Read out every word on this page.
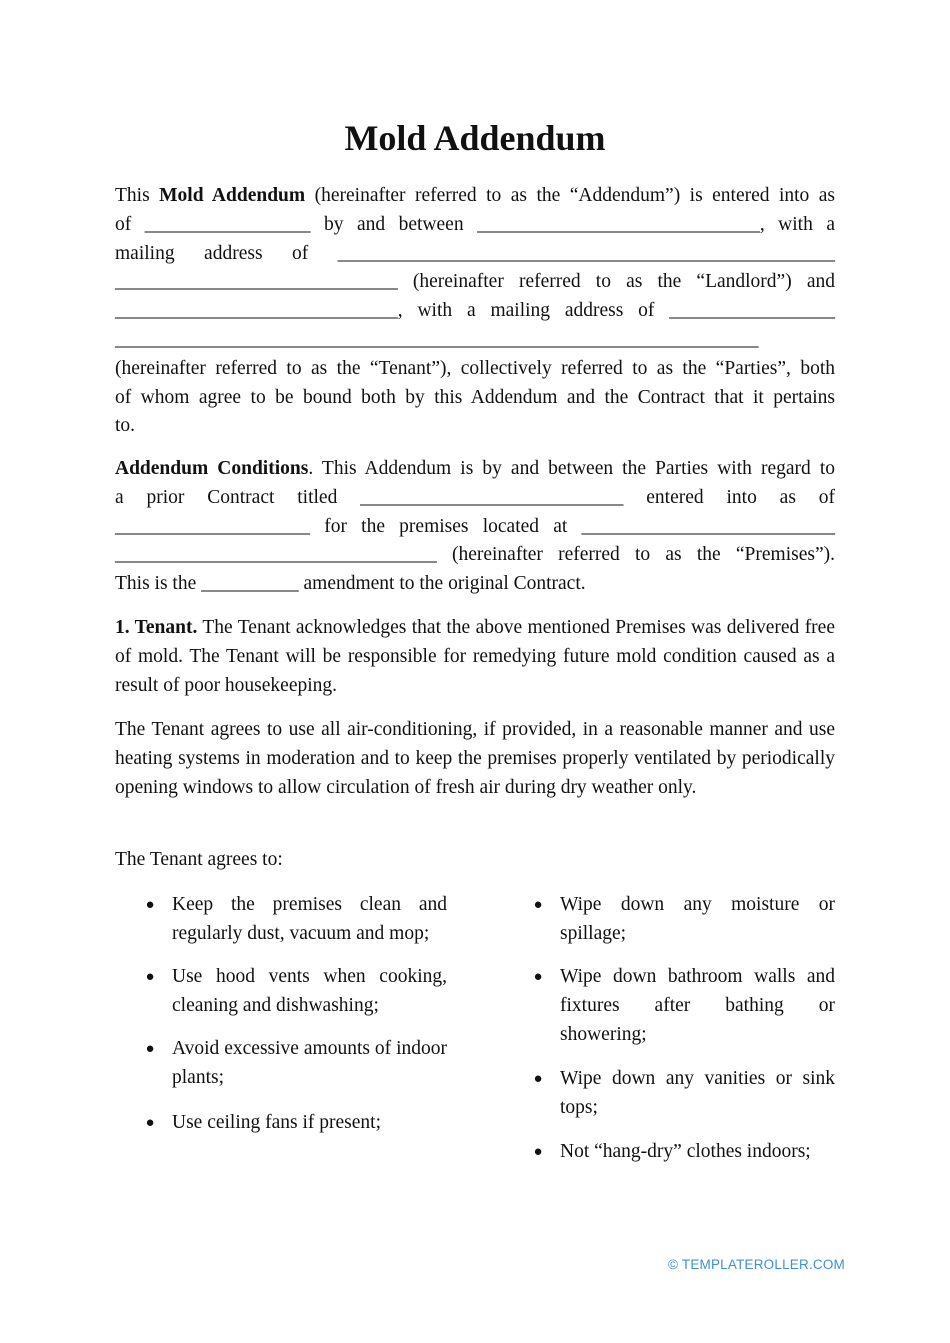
Mold Addendum
This Mold Addendum (hereinafter referred to as the “Addendum”) is entered into as
of _________________ by and between _____________________________, with a
mailing address of ___________________________________________________
_____________________________ (hereinafter referred to as the “Landlord”) and
_____________________________, with a mailing address of _________________
__________________________________________________________________
(hereinafter referred to as the “Tenant”), collectively referred to as the “Parties”, both
of whom agree to be bound both by this Addendum and the Contract that it pertains
to.
Addendum Conditions. This Addendum is by and between the Parties with regard to
a prior Contract titled ___________________________ entered into as of
____________________ for the premises located at __________________________
_________________________________ (hereinafter referred to as the “Premises”).
This is the __________ amendment to the original Contract.

1. Tenant. The Tenant acknowledges that the above mentioned Premises was delivered free of mold. The Tenant will be responsible for remedying future mold condition caused as a result of poor housekeeping.

The Tenant agrees to use all air-conditioning, if provided, in a reasonable manner and use heating systems in moderation and to keep the premises properly ventilated by periodically opening windows to allow circulation of fresh air during dry weather only.

The Tenant agrees to:

● Keep the premises clean and regularly dust, vacuum and mop;

● Use hood vents when cooking, cleaning and dishwashing;

● Avoid excessive amounts of indoor plants;

● Use ceiling fans if present;

● Wipe down any moisture or spillage;

● Wipe down bathroom walls and fixtures after bathing or showering;

● Wipe down any vanities or sink tops;

● Not “hang-dry” clothes indoors;

© TEMPLATEROLLER.COM
